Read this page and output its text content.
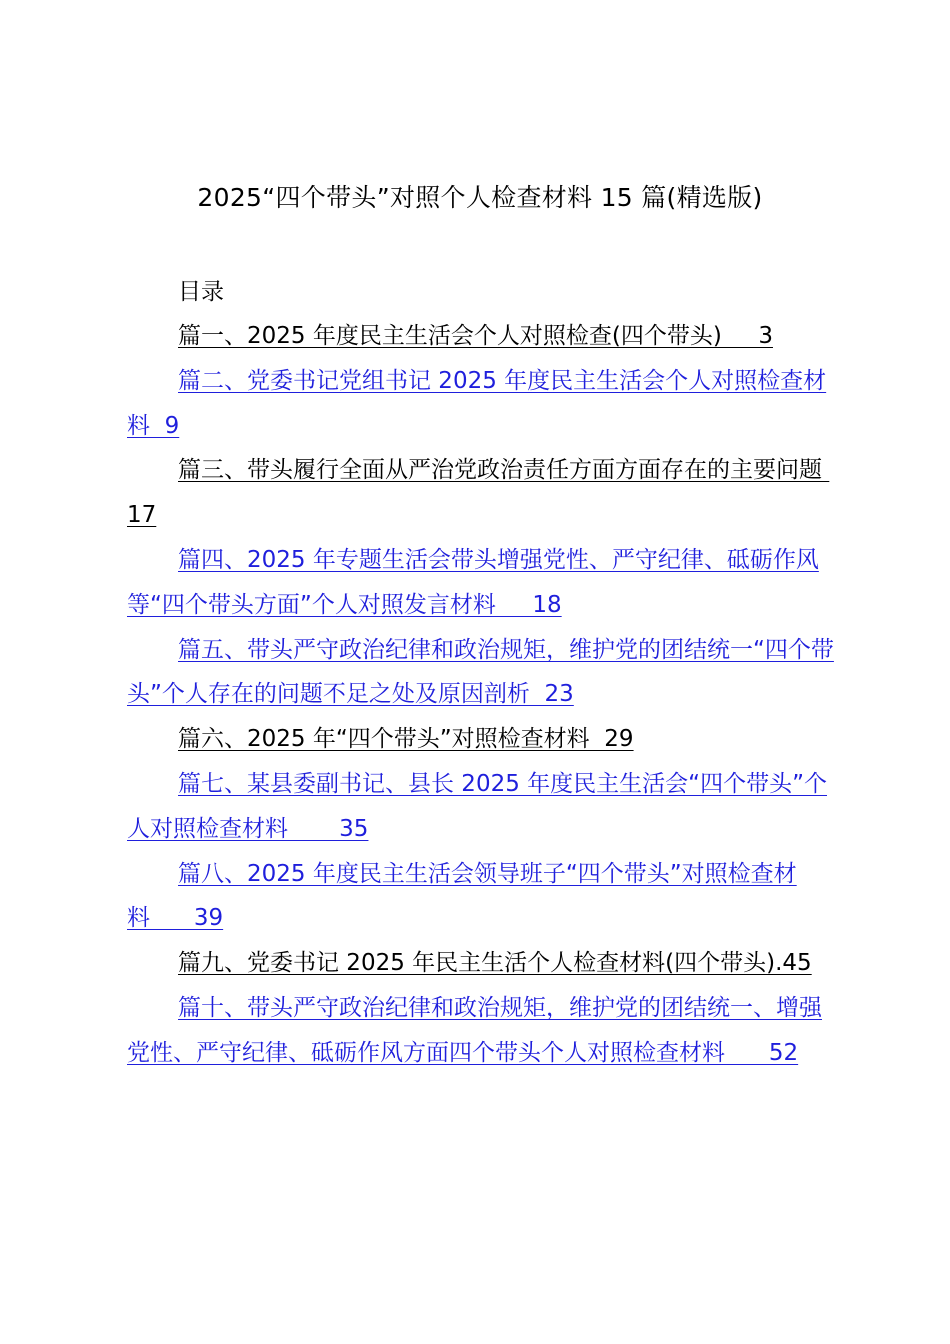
2025“四个带头”对照个人检查材料 15 篇(精选版)
目录
篇一、2025 年度民主生活会个人对照检查(四个带头)     3
篇二、党委书记党组书记 2025 年度民主生活会个人对照检查材料  9
篇三、带头履行全面从严治党政治责任方面方面存在的主要问题 17
篇四、2025 年专题生活会带头增强党性、严守纪律、砥砺作风等“四个带头方面”个人对照发言材料     18
篇五、带头严守政治纪律和政治规矩，维护党的团结统一“四个带头”个人存在的问题不足之处及原因剖析  23
篇六、2025 年“四个带头”对照检查材料  29
篇七、某县委副书记、县长 2025 年度民主生活会“四个带头”个人对照检查材料       35
篇八、2025 年度民主生活会领导班子“四个带头”对照检查材料      39
篇九、党委书记 2025 年民主生活个人检查材料(四个带头).45
篇十、带头严守政治纪律和政治规矩，维护党的团结统一、增强党性、严守纪律、砥砺作风方面四个带头个人对照检查材料      52
